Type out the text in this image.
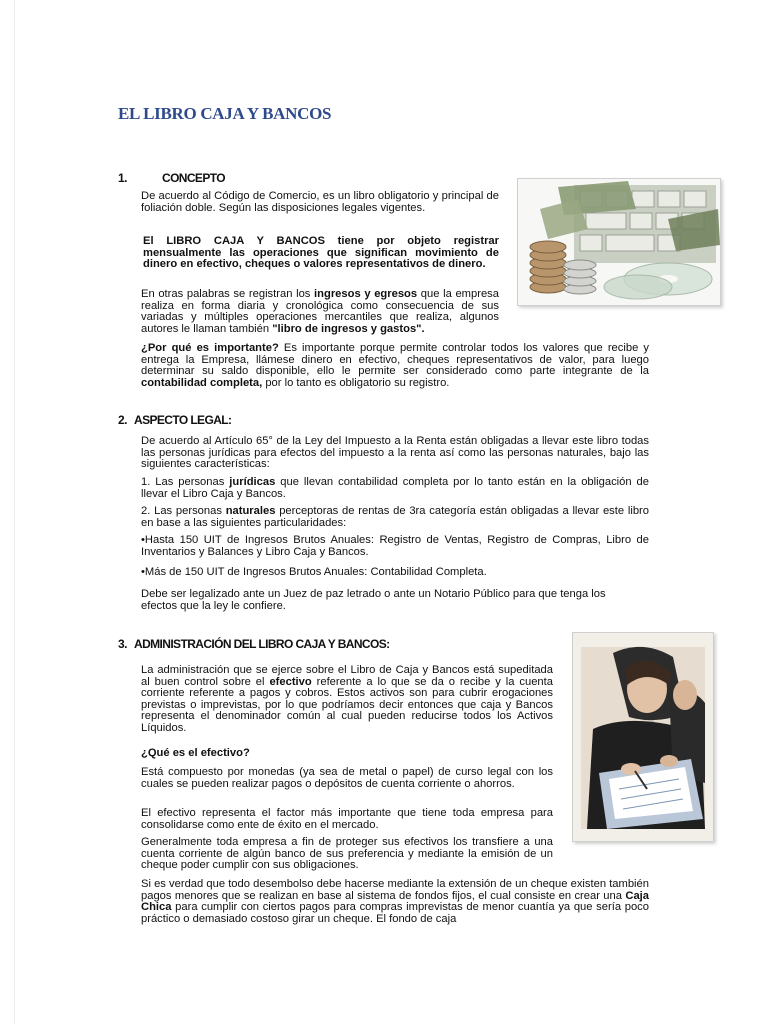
EL LIBRO CAJA Y BANCOS
1.	CONCEPTO

De acuerdo al Código de Comercio, es un libro obligatorio y principal de foliación doble. Según las disposiciones legales vigentes.

El LIBRO CAJA Y BANCOS tiene por objeto registrar mensualmente las operaciones que significan movimiento de dinero en efectivo, cheques o valores representativos de dinero.

En otras palabras se registran los ingresos y egresos que la empresa realiza en forma diaria y cronológica como consecuencia de sus variadas y múltiples operaciones mercantiles que realiza, algunos autores le llaman también "libro de ingresos y gastos".

¿Por qué es importante? Es importante porque permite controlar todos los valores que recibe y entrega la Empresa, llámese dinero en efectivo, cheques representativos de valor, para luego determinar su saldo disponible, ello le permite ser considerado como parte integrante de la contabilidad completa, por lo tanto es obligatorio su registro.

2. ASPECTO LEGAL:

De acuerdo al Artículo 65° de la Ley del Impuesto a la Renta están obligadas a llevar este libro todas las personas jurídicas para efectos del impuesto a la renta así como las personas naturales, bajo las siguientes características:

1. Las personas jurídicas que llevan contabilidad completa por lo tanto están en la obligación de llevar el Libro Caja y Bancos.

2. Las personas naturales perceptoras de rentas de 3ra categoría están obligadas a llevar este libro en base a las siguientes particularidades:

•Hasta 150 UIT de Ingresos Brutos Anuales: Registro de Ventas, Registro de Compras, Libro de Inventarios y Balances y Libro Caja y Bancos.

•Más de 150 UIT de Ingresos Brutos Anuales: Contabilidad Completa.

Debe ser legalizado ante un Juez de paz letrado o ante un Notario Público para que tenga los efectos que la ley le confiere.

3. ADMINISTRACIÓN DEL LIBRO CAJA Y BANCOS:

La administración que se ejerce sobre el Libro de Caja y Bancos está supeditada al buen control sobre el efectivo referente a lo que se da o recibe y la cuenta corriente referente a pagos y cobros. Estos activos son para cubrir erogaciones previstas o imprevistas, por lo que podríamos decir entonces que caja y Bancos representa el denominador común al cual pueden reducirse todos los Activos Líquidos.

¿Qué es el efectivo?

Está compuesto por monedas (ya sea de metal o papel) de curso legal con los cuales se pueden realizar pagos o depósitos de cuenta corriente o ahorros.

El efectivo representa el factor más importante que tiene toda empresa para consolidarse como ente de éxito en el mercado.

Generalmente toda empresa a fin de proteger sus efectivos los transfiere a una cuenta corriente de algún banco de sus preferencia y mediante la emisión de un cheque poder cumplir con sus obligaciones.

Si es verdad que todo desembolso debe hacerse mediante la extensión de un cheque existen también pagos menores que se realizan en base al sistema de fondos fijos, el cual consiste en crear una Caja Chica para cumplir con ciertos pagos para compras imprevistas de menor cuantía ya que sería poco práctico o demasiado costoso girar un cheque. El fondo de caja
